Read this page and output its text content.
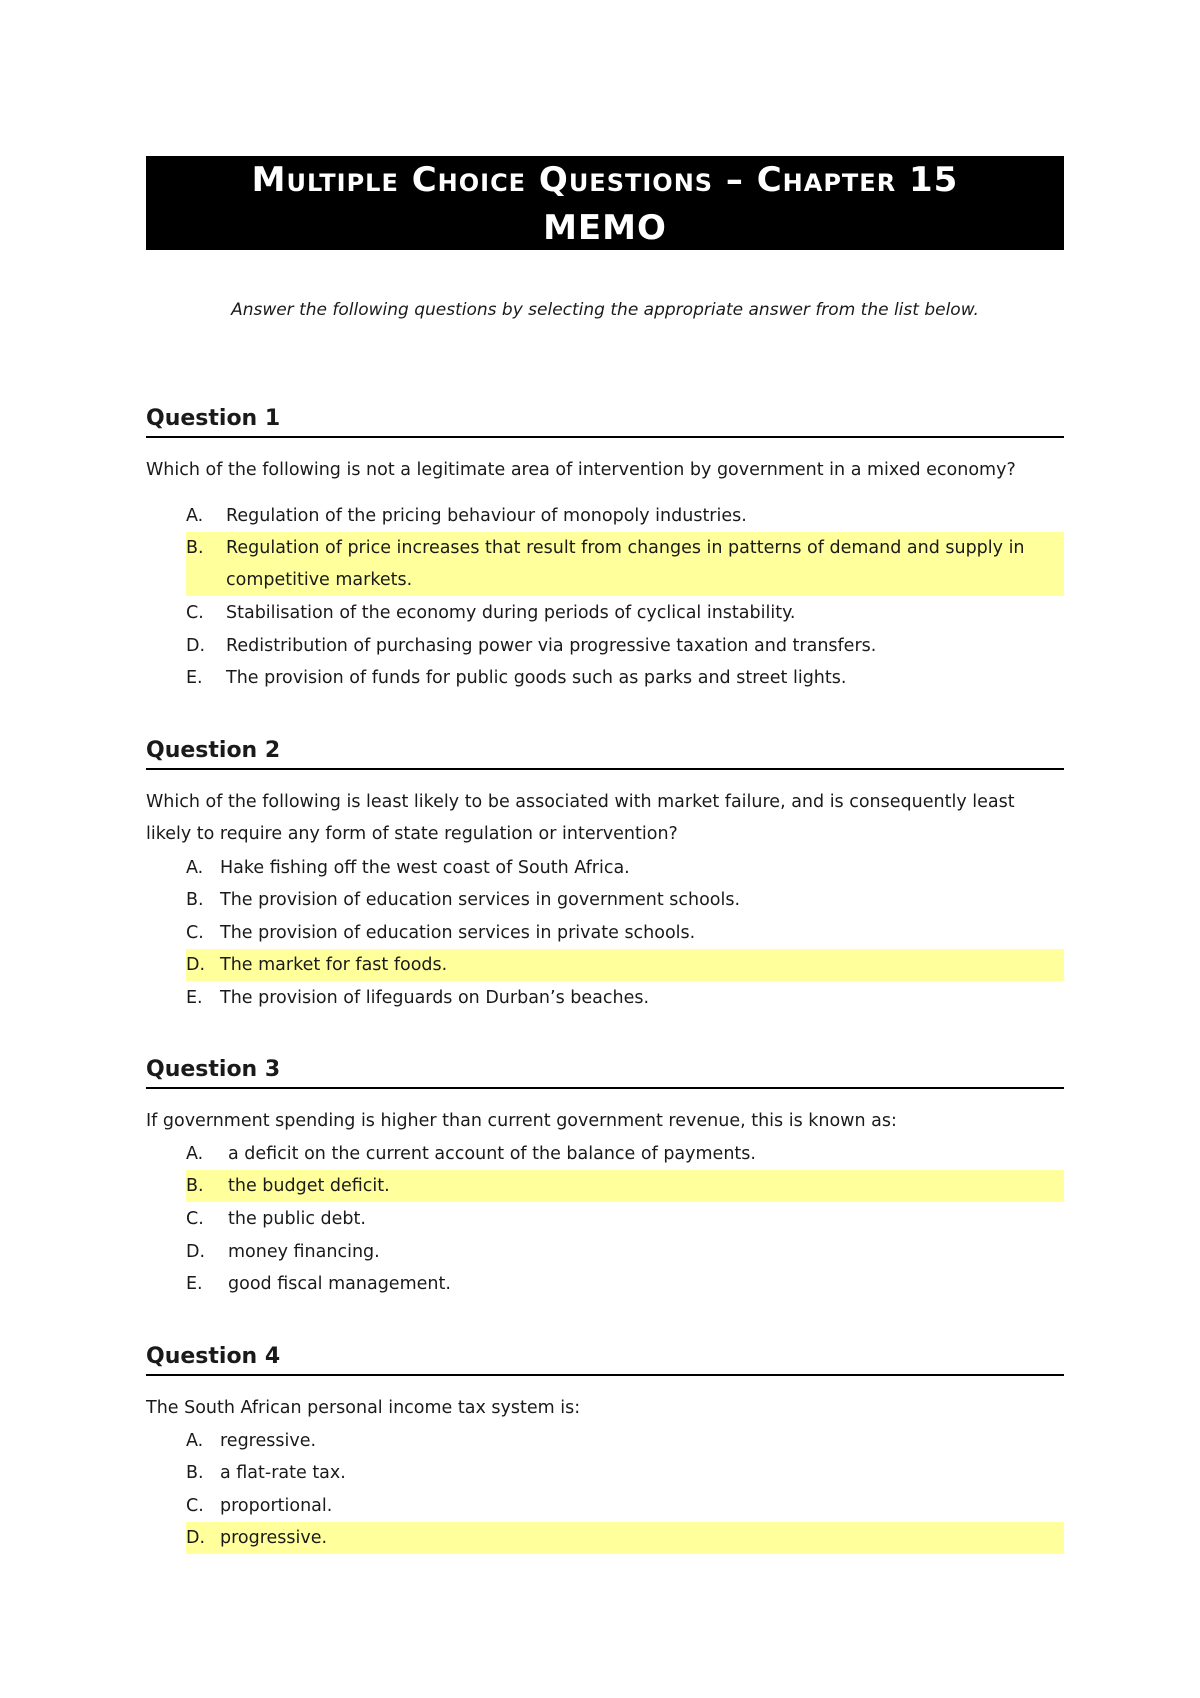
Multiple Choice Questions – Chapter 15
MEMO
Answer the following questions by selecting the appropriate answer from the list below.
Question 1
Which of the following is not a legitimate area of intervention by government in a mixed economy?
A.	Regulation of the pricing behaviour of monopoly industries.
B.	Regulation of price increases that result from changes in patterns of demand and supply in competitive markets.
C.	Stabilisation of the economy during periods of cyclical instability.
D.	Redistribution of purchasing power via progressive taxation and transfers.
E.	The provision of funds for public goods such as parks and street lights.
Question 2
Which of the following is least likely to be associated with market failure, and is consequently least likely to require any form of state regulation or intervention?
A. Hake fishing off the west coast of South Africa.
B. The provision of education services in government schools.
C. The provision of education services in private schools.
D. The market for fast foods.
E. The provision of lifeguards on Durban’s beaches.
Question 3
If government spending is higher than current government revenue, this is known as:
A.	a deficit on the current account of the balance of payments.
B.	the budget deficit.
C.	the public debt.
D.	money financing.
E.	good fiscal management.
Question 4
The South African personal income tax system is:
A. regressive.
B. a flat-rate tax.
C. proportional.
D. progressive.
